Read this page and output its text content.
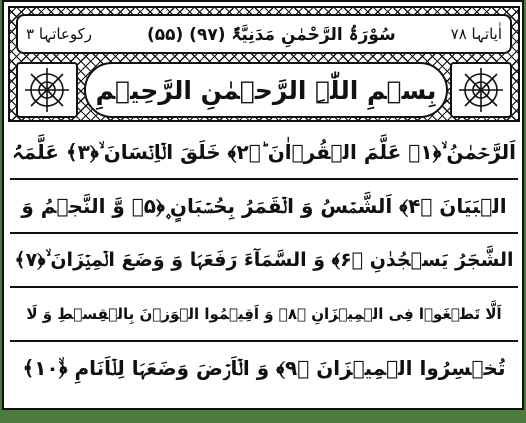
رکوعاتہا ۳	(۵۵) سُوْرَۃُ الرَّحْمٰنِ مَدَنِیَّۃٌ (۹۷)	اٰیاتہا ۷۸
بِسۡمِ اللّٰہِ الرَّحۡمٰنِ الرَّحِیۡمِ
اَلرَّحۡمٰنُ ۙ﴿۱﴾ عَلَّمَ الۡقُرۡاٰنَ ؕ﴿۲﴾ خَلَقَ الۡاِنۡسَانَ ۙ﴿۳﴾ عَلَّمَہُ
الۡبَیَانَ ﴿۴﴾ اَلشَّمۡسُ وَ الۡقَمَرُ بِحُسۡبَانٍ ۪﴿۵﴾ وَّ النَّجۡمُ وَ
الشَّجَرُ یَسۡجُدٰنِ ﴿۶﴾ وَ السَّمَآءَ رَفَعَہَا وَ وَضَعَ الۡمِیۡزَانَ ۙ﴿۷﴾
اَلَّا تَطۡغَوۡا فِی الۡمِیۡزَانِ ﴿۸﴾ وَ اَقِیۡمُوا الۡوَزۡنَ بِالۡقِسۡطِ وَ لَا
تُخۡسِرُوا الۡمِیۡزَانَ ﴿۹﴾ وَ الۡاَرۡضَ وَضَعَہَا لِلۡاَنَامِ ﴿ۙ۱۰﴾
